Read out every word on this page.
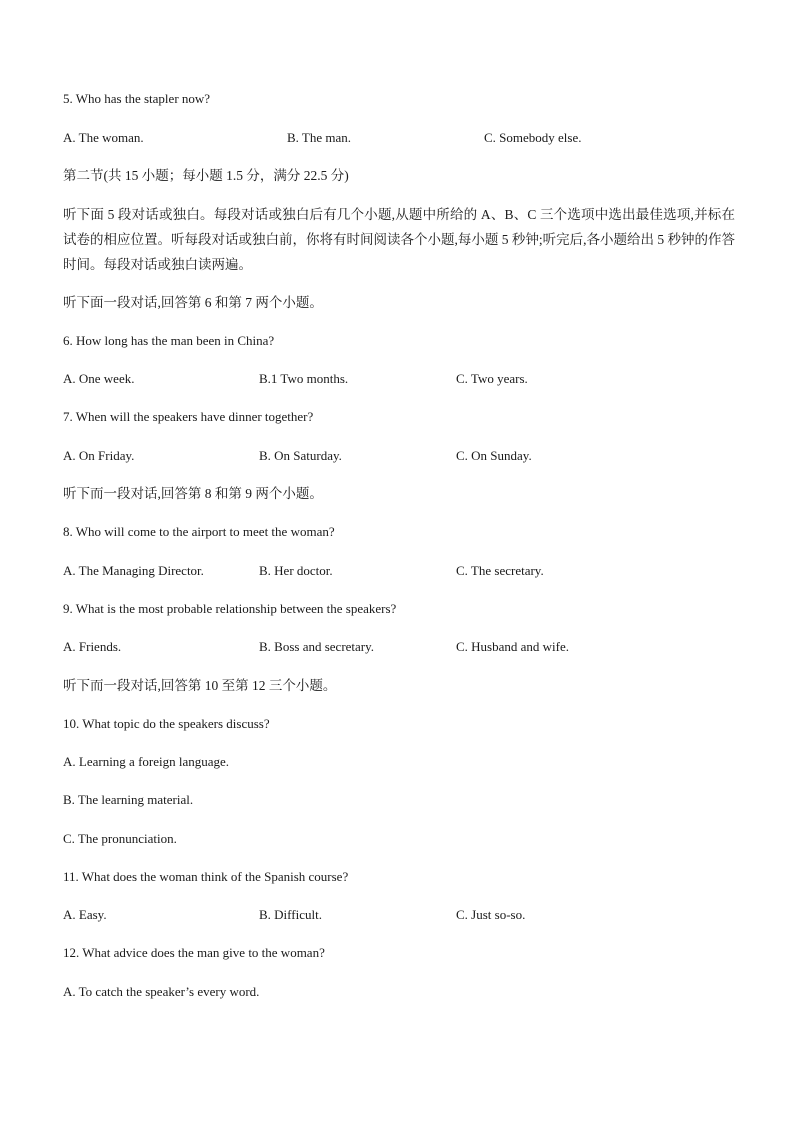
5. Who has the stapler now?
A. The woman.	B. The man.	C. Somebody else.
第二节(共 15 小题；每小题 1.5 分，满分 22.5 分)
听下面 5 段对话或独白。每段对话或独白后有几个小题,从题中所给的 A、B、C 三个选项中选出最佳选项,并标在试卷的相应位置。听每段对话或独白前，你将有时间阅读各个小题,每小题 5 秒钟;听完后,各小题给出 5 秒钟的作答时间。每段对话或独白读两遍。
听下面一段对话,回答第 6 和第 7 两个小题。
6. How long has the man been in China?
A. One week.	B.1 Two months.	C. Two years.
7. When will the speakers have dinner together?
A. On Friday.	B. On Saturday.	C. On Sunday.
听下而一段对话,回答第 8 和第 9 两个小题。
8. Who will come to the airport to meet the woman?
A. The Managing Director.	B. Her doctor.	C. The secretary.
9. What is the most probable relationship between the speakers?
A. Friends.	B. Boss and secretary.	C. Husband and wife.
听下而一段对话,回答第 10 至第 12 三个小题。
10. What topic do the speakers discuss?
A. Learning a foreign language.
B. The learning material.
C. The pronunciation.
11. What does the woman think of the Spanish course?
A. Easy.	B. Difficult.	C. Just so-so.
12. What advice does the man give to the woman?
A. To catch the speaker’s every word.
